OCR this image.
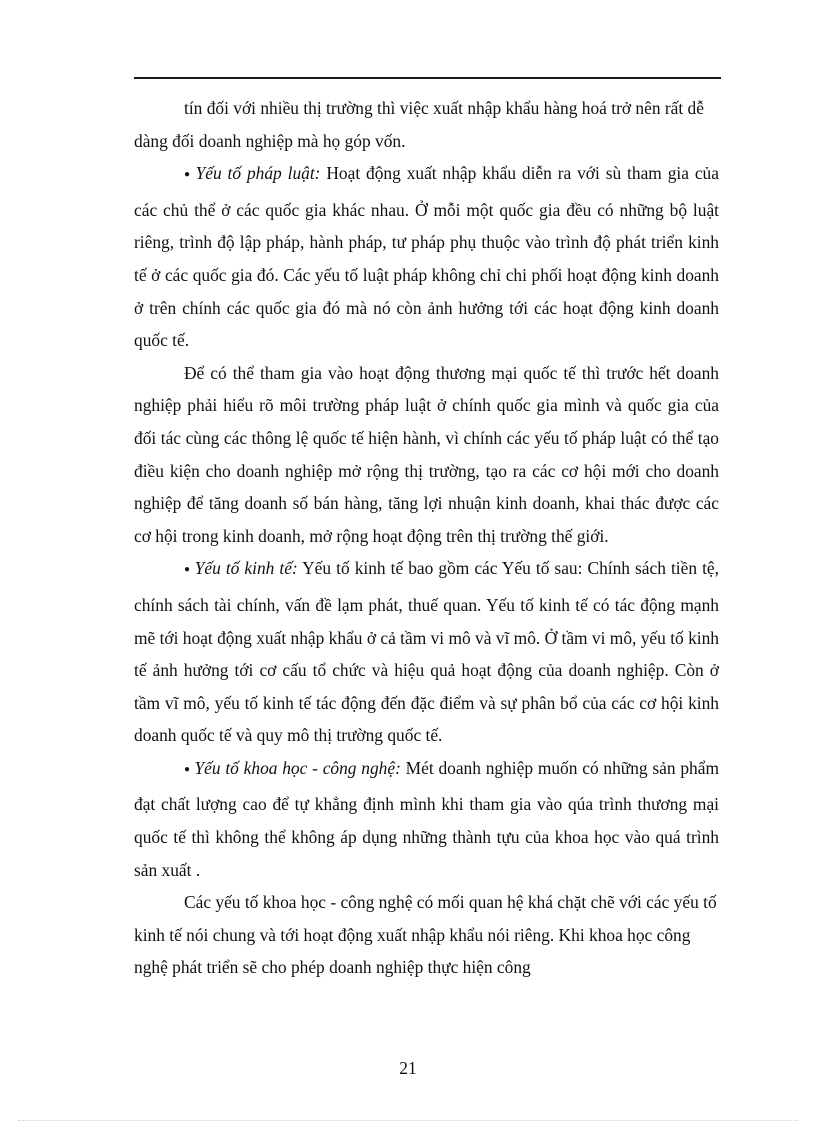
tín đối với nhiều thị trường thì việc xuất nhập khẩu hàng hoá trở nên rất dễ dàng đối doanh nghiệp mà họ góp vốn.

● Yếu tố pháp luật: Hoạt động xuất nhập khẩu diễn ra với sù tham gia của các chủ thể ở các quốc gia khác nhau. Ở mỗi một quốc gia đều có những bộ luật riêng, trình độ lập pháp, hành pháp, tư pháp phụ thuộc vào trình độ phát triển kinh tế ở các quốc gia đó. Các yếu tố luật pháp không chỉ chi phối hoạt động kinh doanh ở trên chính các quốc gia đó mà nó còn ảnh hưởng tới các hoạt động kinh doanh quốc tế.

Để có thể tham gia vào hoạt động thương mại quốc tế thì trước hết doanh nghiệp phải hiểu rõ môi trường pháp luật ở chính quốc gia mình và quốc gia của đối tác cùng các thông lệ quốc tế hiện hành, vì chính các yếu tố pháp luật có thể tạo điều kiện cho doanh nghiệp mở rộng thị trường, tạo ra các cơ hội mới cho doanh nghiệp để tăng doanh số bán hàng, tăng lợi nhuận kinh doanh, khai thác được các cơ hội trong kinh doanh, mở rộng hoạt động trên thị trường thế giới.

● Yếu tố kinh tế: Yếu tố kinh tế bao gồm các Yếu tố sau: Chính sách tiền tệ, chính sách tài chính, vấn đề lạm phát, thuế quan. Yếu tố kinh tế có tác động mạnh mẽ tới hoạt động xuất nhập khẩu ở cả tầm vi mô và vĩ mô. Ở tầm vi mô, yếu tố kinh tế ảnh hưởng tới cơ cấu tổ chức và hiệu quả hoạt động của doanh nghiệp. Còn ở tầm vĩ mô, yếu tố kinh tế tác động đến đặc điểm và sự phân bổ của các cơ hội kinh doanh quốc tế và quy mô thị trường quốc tế.

● Yếu tố khoa học - công nghệ: Mét doanh nghiệp muốn có những sản phẩm đạt chất lượng cao để tự khẳng định mình khi tham gia vào qúa trình thương mại quốc tế thì không thể không áp dụng những thành tựu của khoa học vào quá trình sản xuất .

Các yếu tố khoa học - công nghệ có mối quan hệ khá chặt chẽ với các yếu tố kinh tế nói chung và tới hoạt động xuất nhập khẩu nói riêng. Khi khoa học công nghệ phát triển sẽ cho phép doanh nghiệp thực hiện công

21
